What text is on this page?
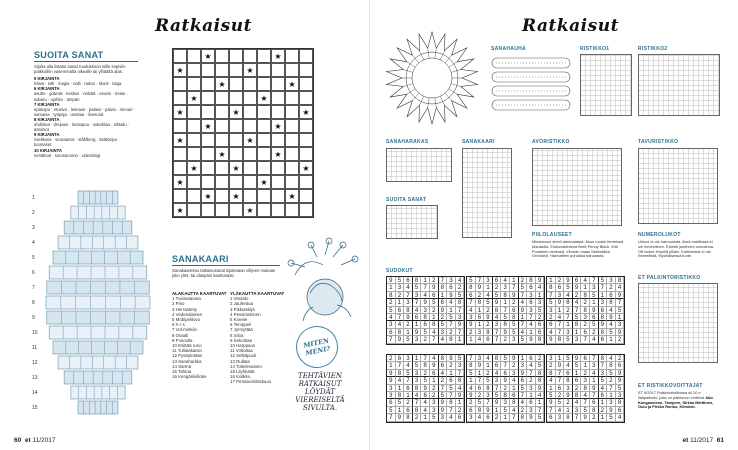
Ratkaisut
SUOITA SANAT
Sijoita alla listatut sanat ruudukkoon niille sopiviin paikkoihin vasemmalta oikealle tai ylhäältä alas.
5 KIRJAINTA
häivä · intti · magia · nalli · radon · skool · taiga
6 KIRJAINTA
asuttu · gdansk · keskus · nälvää · osuvin · rietas · subaru · ujohko · ämpäri
7 KIRJAINTA
epäsopu · etusivu · leimaus · paitaio · palvio · reimari · samaisa · työpaja · usuttaa · ilvesund
8 KIRJAINTA
ahdistua · dreijaus · kestopuu · nukahtaa · sihtailu · äänirsot
9 KIRJAINTA
mielikuva · seuraamis · ståhlberg · säätövipu · tuomaset
10 KIRJAINTA
nenälinat · surusanoma · videoblogi
★	★
★	★
★	★
★	★
★	★	★
★	★
★	★
★	★
★	★	★
★	★
★	★	★
★	★
1
2
3
4
5
6
7
8
9
10
11
12
13
14
15
SANAKAARI
Sanakaaressa ratkaisusanat sijoitetaan vihjeen mukaan joko ylös- tai alaspäin kaartuvasti.
ALAKAUTTA KAARTUVAT YLÄKAUTTA KAARTUVAT
1 Tusinatavara	1 Varasto
2 Pino	2 Jauhettua
3 Herrasteity	3 Pikkutekijä
4 Vedenalainen	4 Pessimistinen
5 Mobipeliluvu	5 Kovete
6 h·r·s	6 Temppeli
7 Vol·minkiin	7 Jyrmyttää
8 Ovaali	8 Siloa
9 Posoulla	9 Sekoittaa
10 Esittää runo	10 Harppaus
11 Tullatakaisin	11 Voltottaa
12 Pysäytetään	12 Selkäpuoli
13 Sanaharkka	13 Rullata
14 Särmä	14 Tottelevainen
15 Tahtoa	15 Lilyhkäitä
16 Kengänkiillokе	16 Kolikko
17 Persiaviinittiskuva
MITEN MENI?
TEHTÄVIEN RATKAISUT LÖYDÄT VIEREISELTÄ SIVULTA.
60 et 11/2017
Ratkaisut
SANAHAUHA	RISTIKKO1	RISTIKKO2
SANAHARAKAS
SUOITA SANAT
SANAKAARI	AVORISTIKKO	TAVURISTIKKO
PIILOLAUSEET
Minotaurus ahmii ateenalaisia. Akun muisti Herteissä Maukkilla. Elokuvatähtenä Brett Penny Black. Erik Punainen nimessä. Vihreän maan Itärikstikka Grönlanti. Harmaitten puhaltaa baharasta.
NUMEROLUKOT
Urkuni ei ole harmoniota. Ilkeä mallikissa ei ole ihmeellinen. Eiveitä juurihnen onkoshoa. Off luulee Höpölä pillain. Kalleimmat ei ole ihmeellistä. Myöhäisessä tuote.
ET PALKINTORISTIKKO
ET RISTIKKOVOITTAJAT
ET 9/2017 Palkintoristikossa oli 20 e lisäpalkinto, joka on palkinnon voittivat Jalo Kangasniemi, Tampere, Sirkka Miettinen, Oulu ja Pirkko Ronko, Kiiminki.
SUDOKUT
9 5 6 8 1 2 7 3 4
1 3 4 5 7 9 8 6 2
8 2 7 3 4 6 1 9 5
2 1 3 7 9 5 6 4 8
5 6 8 4 3 2 9 1 7
4 7 9 6 8 1 2 5 3
3 4 2 1 6 8 5 7 9
6 8 1 9 5 4 3 2 7
7 9 5 3 2 7 4 8 1
5 7 3 6 4 1 2 8 9
8 9 1 2 3 7 5 6 4
6 2 4 5 8 9 7 3 1
7 8 5 9 1 2 4 6 3
4 1 2 8 7 6 9 3 5
3 6 9 4 5 8 1 7 2
9 1 2 3 8 5 7 4 6
2 3 8 7 9 5 4 1 6
1 4 6 7 2 3 5 9 8
1 2 9 6 4 7 5 3 8
8 6 5 9 1 3 7 2 4
7 3 4 2 8 5 1 6 9
5 9 8 4 2 1 3 8 7
3 1 2 7 8 9 6 4 5
2 4 7 5 3 6 8 9 1
6 7 1 8 2 5 9 4 3
4 7 3 1 6 2 8 5 9
9 8 5 3 7 4 6 1 2
2 6 3 1 7 4 8 9 5
1 7 4 5 8 9 6 2 3
9 8 5 3 2 6 4 1 7
9 4 7 3 5 1 2 6 8
3 1 6 8 9 2 7 5 4
3 8 1 4 6 2 5 7 9
6 5 2 7 4 3 9 8 1
5 1 6 8 4 3 9 7 2
7 9 8 2 1 5 3 4 6
7 3 4 8 5 9 1 6 2
8 9 1 6 7 2 3 4 5
5 1 2 4 6 3 9 7 8
1 7 5 3 9 4 6 2 8
4 6 8 7 2 1 5 3 9
9 2 3 5 8 6 7 1 4
2 5 7 9 3 8 4 6 1
6 8 9 1 5 4 2 3 7
3 4 6 2 1 7 8 9 5
3 1 5 9 6 7 8 4 2
2 9 4 5 1 3 7 8 6
8 7 6 1 2 4 3 5 9
4 7 8 6 3 1 5 2 9
1 6 3 2 8 9 4 7 5
5 2 9 8 4 7 6 1 3
9 5 2 4 7 6 1 3 8
7 4 1 3 5 8 2 9 6
6 3 8 7 9 2 1 5 4
et 11/2017 61
